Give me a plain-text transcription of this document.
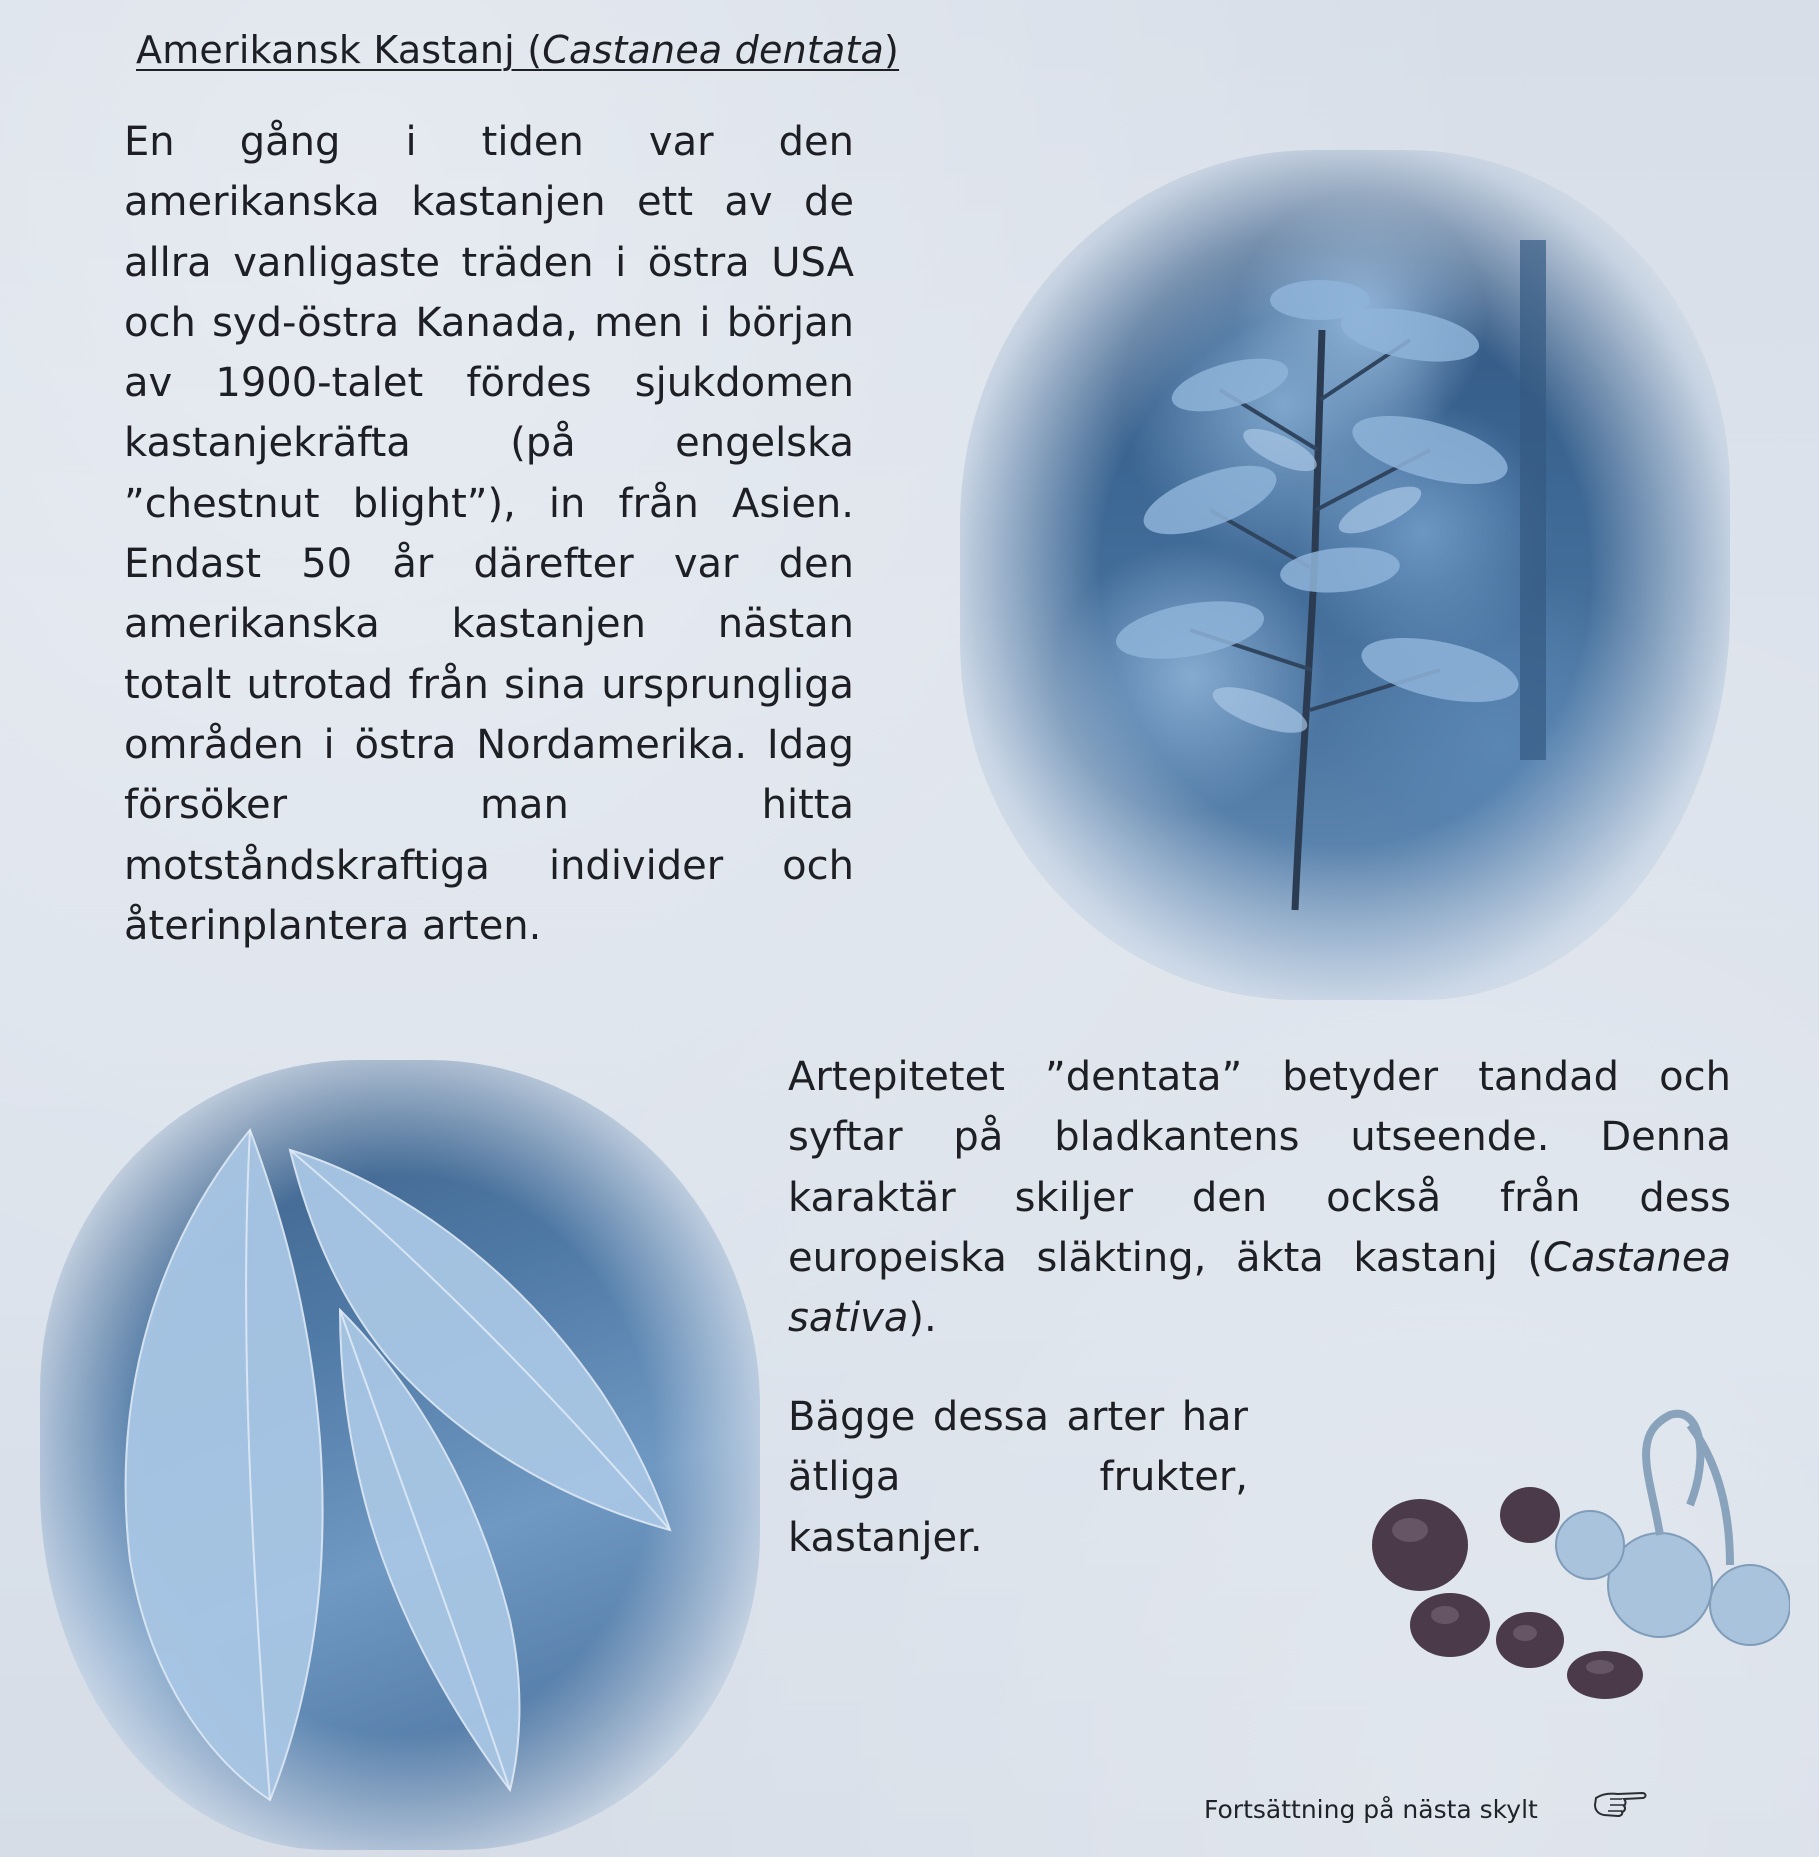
Amerikansk Kastanj (Castanea dentata)
En gång i tiden var den amerikanska kastanjen ett av de allra vanligaste träden i östra USA och syd-östra Kanada, men i början av 1900-talet fördes sjukdomen kastanjekräfta (på engelska ”chestnut blight”), in från Asien. Endast 50 år därefter var den amerikanska kastanjen nästan totalt utrotad från sina ursprungliga områden i östra Nordamerika. Idag försöker man hitta motståndskraftiga individer och återinplantera arten.
Artepitetet ”dentata” betyder tandad och syftar på bladkantens utseende. Denna karaktär skiljer den också från dess europeiska släkting, äkta kastanj (Castanea sativa).
Bägge dessa arter har ätliga frukter, kastanjer.
Fortsättning på nästa skylt
